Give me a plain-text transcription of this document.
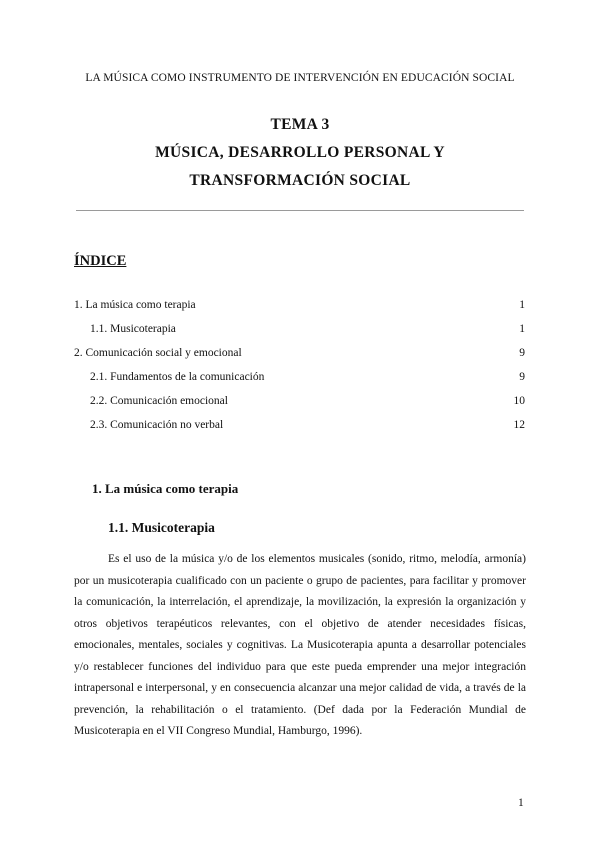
LA MÚSICA COMO INSTRUMENTO DE INTERVENCIÓN EN EDUCACIÓN SOCIAL
TEMA 3
MÚSICA, DESARROLLO PERSONAL Y
TRANSFORMACIÓN SOCIAL
ÍNDICE
1. La música como terapia	1
1.1. Musicoterapia	1
2. Comunicación social y emocional	9
2.1. Fundamentos de la comunicación	9
2.2. Comunicación emocional	10
2.3. Comunicación no verbal	12
1. La música como terapia
1.1. Musicoterapia

Es el uso de la música y/o de los elementos musicales (sonido, ritmo, melodía, armonía) por un musicoterapia cualificado con un paciente o grupo de pacientes, para facilitar y promover la comunicación, la interrelación, el aprendizaje, la movilización, la expresión la organización y otros objetivos terapéuticos relevantes, con el objetivo de atender necesidades físicas, emocionales, mentales, sociales y cognitivas. La Musicoterapia apunta a desarrollar potenciales y/o restablecer funciones del individuo para que este pueda emprender una mejor integración intrapersonal e interpersonal, y en consecuencia alcanzar una mejor calidad de vida, a través de la prevención, la rehabilitación o el tratamiento. (Def dada por la Federación Mundial de Musicoterapia en el VII Congreso Mundial, Hamburgo, 1996).

1
